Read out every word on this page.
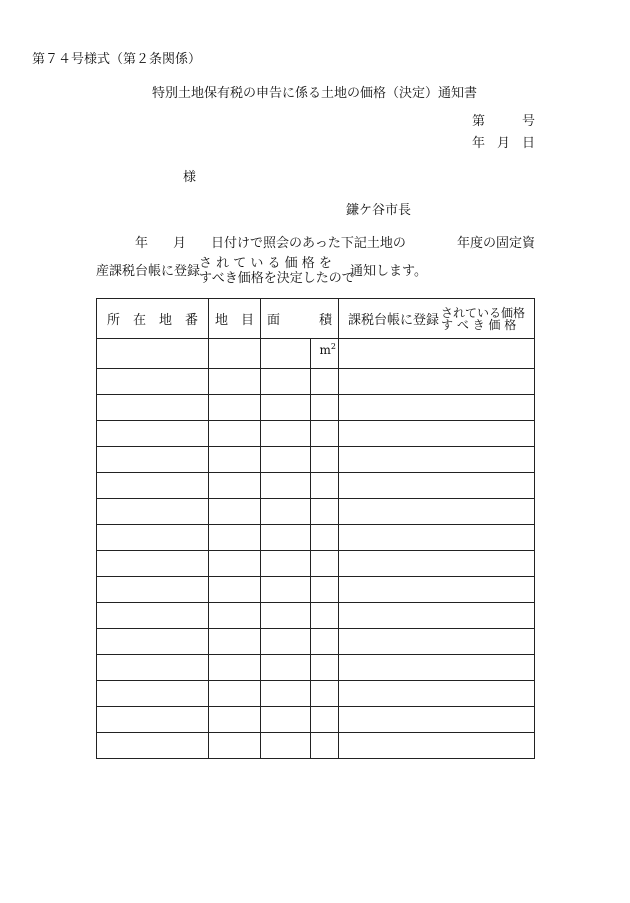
第７４号様式（第２条関係）
特別土地保有税の申告に係る土地の価格（決定）通知書
第	号
年 月 日
様
鎌ケ谷市長
年 月 日付けで照会のあった下記土地の	年度の固定資
産課税台帳に登録
さ れ て い る 価 格 を
すべき価格を決定したので
通知します。
所　在　地　番	地　目	面　　　積		課税台帳に登録
されている価格
す べ き 価 格

			$m^2$
